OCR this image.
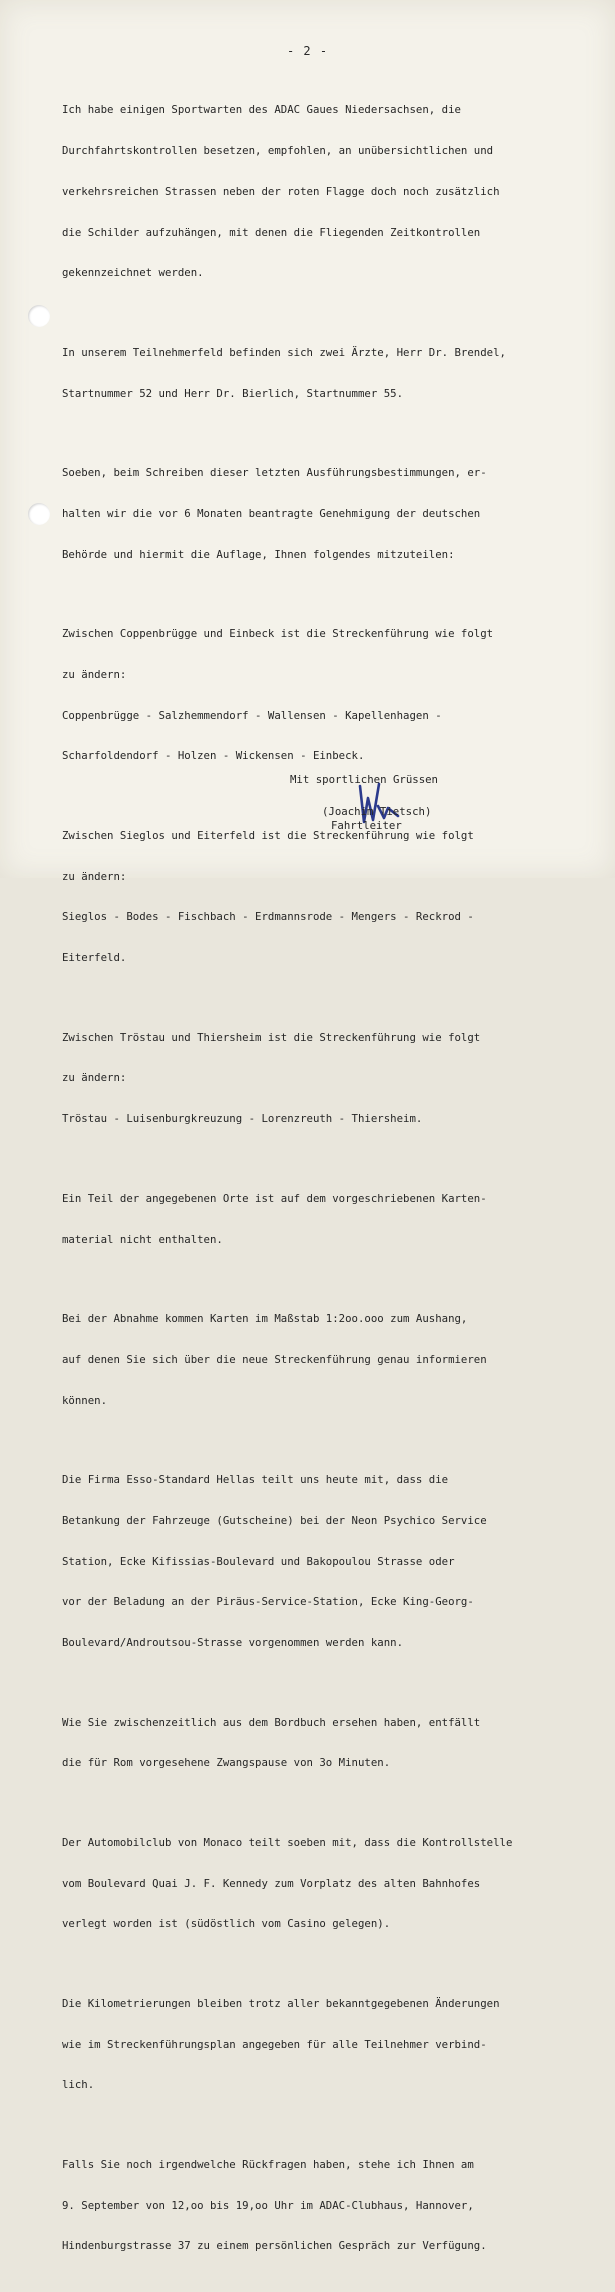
- 2 -

Ich habe einigen Sportwarten des ADAC Gaues Niedersachsen, die

Durchfahrtskontrollen besetzen, empfohlen, an unübersichtlichen und

verkehrsreichen Strassen neben der roten Flagge doch noch zusätzlich

die Schilder aufzuhängen, mit denen die Fliegenden Zeitkontrollen

gekennzeichnet werden.

In unserem Teilnehmerfeld befinden sich zwei Ärzte, Herr Dr. Brendel,

Startnummer 52 und Herr Dr. Bierlich, Startnummer 55.

Soeben, beim Schreiben dieser letzten Ausführungsbestimmungen, er-

halten wir die vor 6 Monaten beantragte Genehmigung der deutschen

Behörde und hiermit die Auflage, Ihnen folgendes mitzuteilen:

Zwischen Coppenbrügge und Einbeck ist die Streckenführung wie folgt

zu ändern:

Coppenbrügge - Salzhemmendorf - Wallensen - Kapellenhagen -

Scharfoldendorf - Holzen - Wickensen - Einbeck.

Zwischen Sieglos und Eiterfeld ist die Streckenführung wie folgt

zu ändern:

Sieglos - Bodes - Fischbach - Erdmannsrode - Mengers - Reckrod -

Eiterfeld.

Zwischen Tröstau und Thiersheim ist die Streckenführung wie folgt

zu ändern:

Tröstau - Luisenburgkreuzung - Lorenzreuth - Thiersheim.

Ein Teil der angegebenen Orte ist auf dem vorgeschriebenen Karten-

material nicht enthalten.

Bei der Abnahme kommen Karten im Maßstab 1:2oo.ooo zum Aushang,

auf denen Sie sich über die neue Streckenführung genau informieren

können.

Die Firma Esso-Standard Hellas teilt uns heute mit, dass die

Betankung der Fahrzeuge (Gutscheine) bei der Neon Psychico Service

Station, Ecke Kifissias-Boulevard und Bakopoulou Strasse oder

vor der Beladung an der Piräus-Service-Station, Ecke King-Georg-

Boulevard/Androutsou-Strasse vorgenommen werden kann.

Wie Sie zwischenzeitlich aus dem Bordbuch ersehen haben, entfällt

die für Rom vorgesehene Zwangspause von 3o Minuten.

Der Automobilclub von Monaco teilt soeben mit, dass die Kontrollstelle

vom Boulevard Quai J. F. Kennedy zum Vorplatz des alten Bahnhofes

verlegt worden ist (südöstlich vom Casino gelegen).

Die Kilometrierungen bleiben trotz aller bekanntgegebenen Änderungen

wie im Streckenführungsplan angegeben für alle Teilnehmer verbind-

lich.

Falls Sie noch irgendwelche Rückfragen haben, stehe ich Ihnen am

9. September von 12,oo bis 19,oo Uhr im ADAC-Clubhaus, Hannover,

Hindenburgstrasse 37 zu einem persönlichen Gespräch zur Verfügung.

Mit sportlichen Grüssen
(Joachim Tietsch)
Fahrtleiter
